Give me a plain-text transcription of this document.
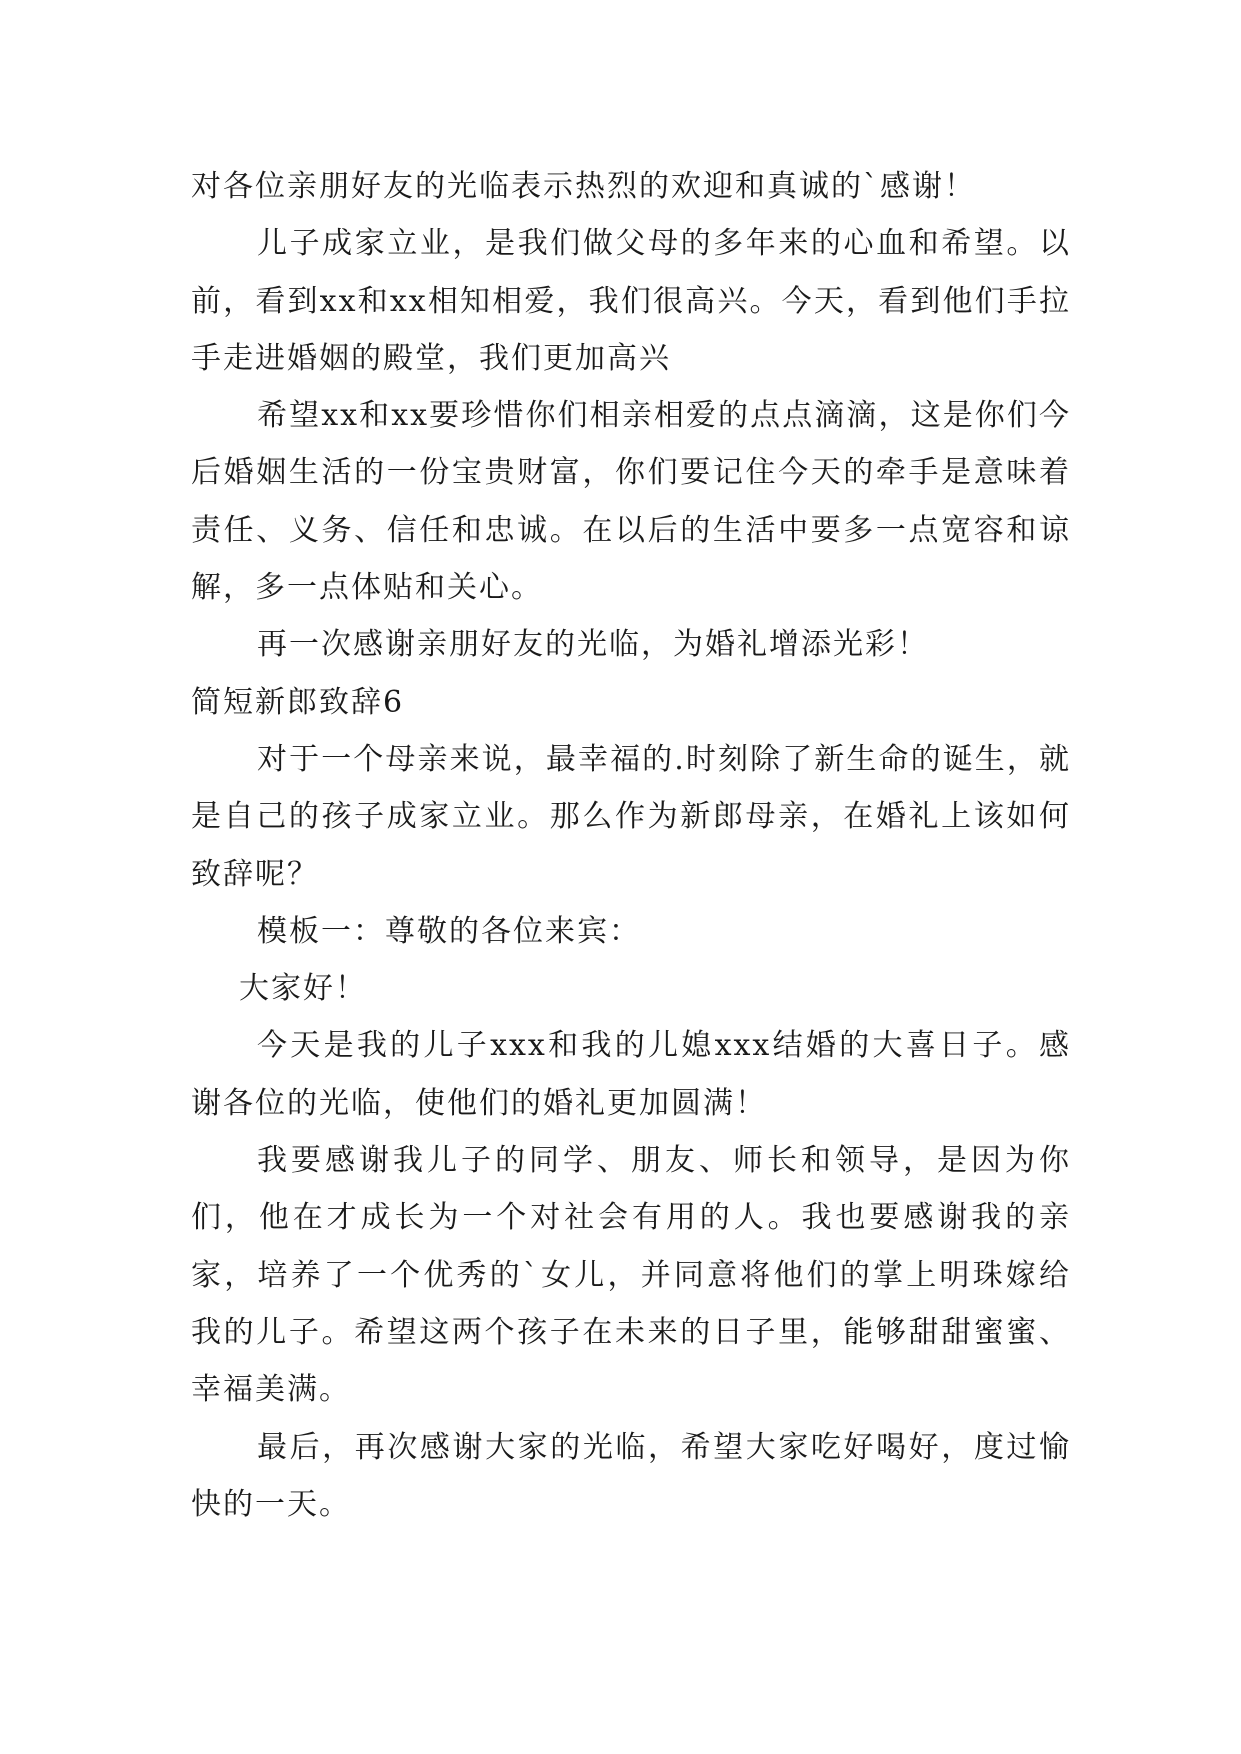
对各位亲朋好友的光临表示热烈的欢迎和真诚的`感谢！

儿子成家立业，是我们做父母的多年来的心血和希望。以前，看到xx和xx相知相爱，我们很高兴。今天，看到他们手拉手走进婚姻的殿堂，我们更加高兴

希望xx和xx要珍惜你们相亲相爱的点点滴滴，这是你们今后婚姻生活的一份宝贵财富，你们要记住今天的牵手是意味着责任、义务、信任和忠诚。在以后的生活中要多一点宽容和谅解，多一点体贴和关心。

再一次感谢亲朋好友的光临，为婚礼增添光彩！

简短新郎致辞6

对于一个母亲来说，最幸福的.时刻除了新生命的诞生，就是自己的孩子成家立业。那么作为新郎母亲，在婚礼上该如何致辞呢？

模板一：尊敬的各位来宾：

大家好！

今天是我的儿子xxx和我的儿媳xxx结婚的大喜日子。感谢各位的光临，使他们的婚礼更加圆满！

我要感谢我儿子的同学、朋友、师长和领导，是因为你们，他在才成长为一个对社会有用的人。我也要感谢我的亲家，培养了一个优秀的`女儿，并同意将他们的掌上明珠嫁给我的儿子。希望这两个孩子在未来的日子里，能够甜甜蜜蜜、幸福美满。

最后，再次感谢大家的光临，希望大家吃好喝好，度过愉快的一天。
